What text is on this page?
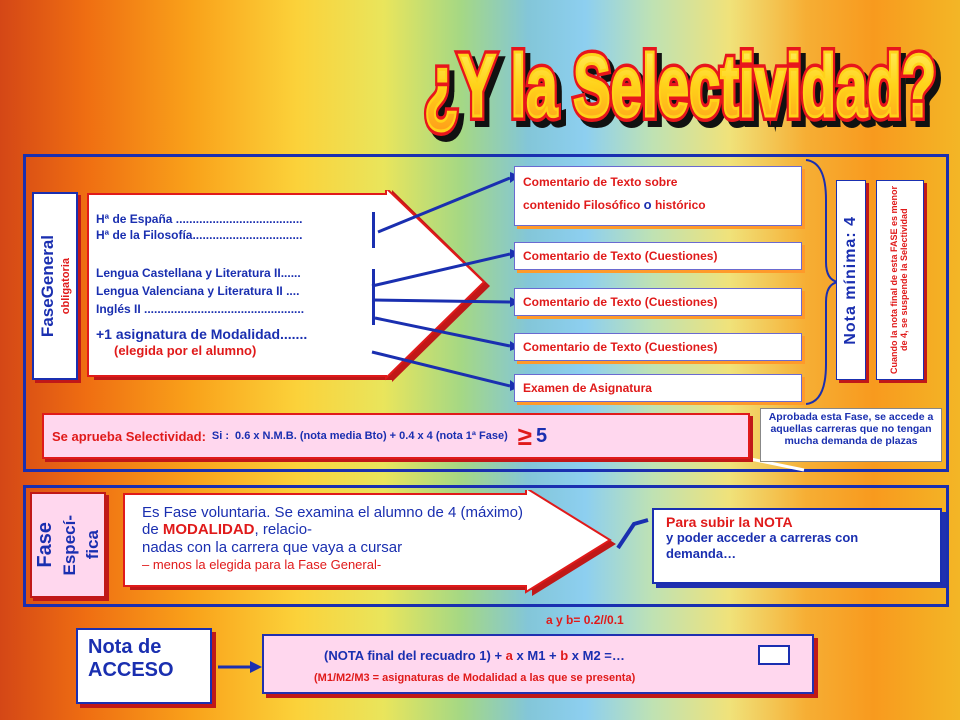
¿Y la Selectividad?
¿Y la Selectividad?
¿Y la Selectividad?
FaseGeneral obligatoria
Hª de España ......................................
Hª de la Filosofía.................................
Lengua Castellana y Literatura II......
Lengua Valenciana y Literatura II ....
Inglés II ................................................
+1 asignatura de Modalidad.......
(elegida por el alumno)
Comentario de Texto sobre
contenido Filosófico o histórico
Comentario de Texto (Cuestiones)
Comentario de Texto (Cuestiones)
Comentario de Texto (Cuestiones)
Examen de Asignatura
Nota mínima: 4	Cuando la nota final de esta FASE es menor de 4, se suspende la Selectividad
Se aprueba Selectividad: Si : 0.6 x N.M.B. (nota media Bto) + 0.4 x 4 (nota 1ª Fase) ≥ 5
Aprobada esta Fase, se accede a aquellas carreras que no tengan mucha demanda de plazas
Fase Especí- fica
Es Fase voluntaria. Se examina el alumno de 4 (máximo) de MODALIDAD, relacio-
nadas con la carrera que vaya a cursar
– menos la elegida para la Fase General-
Para subir la NOTA
y poder acceder a carreras con demanda…
a y b= 0.2//0.1
Nota de
ACCESO
(NOTA final del recuadro 1) + a x M1 + b x M2 =…
(M1/M2/M3 = asignaturas de Modalidad a las que se presenta)
